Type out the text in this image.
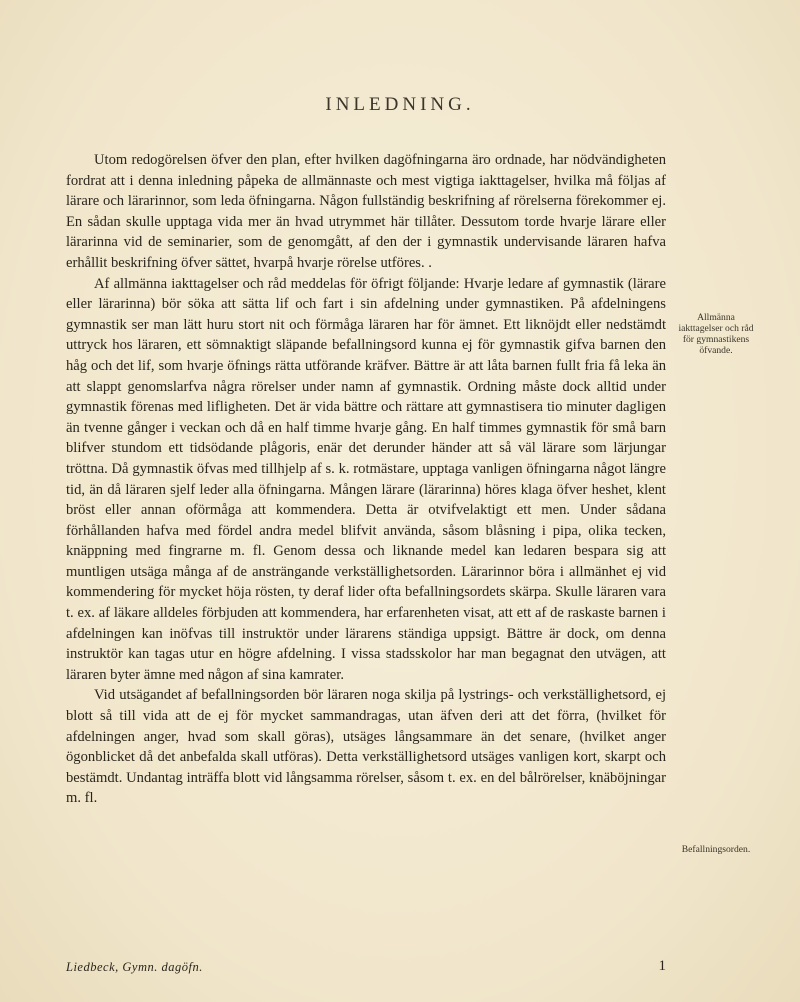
INLEDNING.

Utom redogörelsen öfver den plan, efter hvilken dagöfningarna äro ordnade, har nödvändigheten fordrat att i denna inledning påpeka de allmännaste och mest vigtiga iakttagelser, hvilka må följas af lärare och lärarinnor, som leda öfningarna. Någon fullständig beskrifning af rörelserna förekommer ej. En sådan skulle upptaga vida mer än hvad utrymmet här tillåter. Dessutom torde hvarje lärare eller lärarinna vid de seminarier, som de genomgått, af den der i gymnastik undervisande läraren hafva erhållit beskrifning öfver sättet, hvarpå hvarje rörelse utföres. .

Af allmänna iakttagelser och råd meddelas för öfrigt följande: Hvarje ledare af gymnastik (lärare eller lärarinna) bör söka att sätta lif och fart i sin afdelning under gymnastiken. På afdelningens gymnastik ser man lätt huru stort nit och förmåga läraren har för ämnet. Ett liknöjdt eller nedstämdt uttryck hos läraren, ett sömnaktigt släpande befallningsord kunna ej för gymnastik gifva barnen den håg och det lif, som hvarje öfnings rätta utförande kräfver. Bättre är att låta barnen fullt fria få leka än att slappt genomslarfva några rörelser under namn af gymnastik. Ordning måste dock alltid under gymnastik förenas med lifligheten. Det är vida bättre och rättare att gymnastisera tio minuter dagligen än tvenne gånger i veckan och då en half timme hvarje gång. En half timmes gymnastik för små barn blifver stundom ett tidsödande plågoris, enär det derunder händer att så väl lärare som lärjungar tröttna. Då gymnastik öfvas med tillhjelp af s. k. rotmästare, upptaga vanligen öfningarna något längre tid, än då läraren sjelf leder alla öfningarna. Mången lärare (lärarinna) höres klaga öfver heshet, klent bröst eller annan oförmåga att kommendera. Detta är otvifvelaktigt ett men. Under sådana förhållanden hafva med fördel andra medel blifvit använda, såsom blåsning i pipa, olika tecken, knäppning med fingrarne m. fl. Genom dessa och liknande medel kan ledaren bespara sig att muntligen utsäga många af de ansträngande verkställighetsorden. Lärarinnor böra i allmänhet ej vid kommendering för mycket höja rösten, ty deraf lider ofta befallningsordets skärpa. Skulle läraren vara t. ex. af läkare alldeles förbjuden att kommendera, har erfarenheten visat, att ett af de raskaste barnen i afdelningen kan inöfvas till instruktör under lärarens ständiga uppsigt. Bättre är dock, om denna instruktör kan tagas utur en högre afdelning. I vissa stadsskolor har man begagnat den utvägen, att läraren byter ämne med någon af sina kamrater.

Vid utsägandet af befallningsorden bör läraren noga skilja på lystrings- och verkställighetsord, ej blott så till vida att de ej för mycket sammandragas, utan äfven deri att det förra, (hvilket för afdelningen anger, hvad som skall göras), utsäges långsammare än det senare, (hvilket anger ögonblicket då det anbefalda skall utföras). Detta verkställighetsord utsäges vanligen kort, skarpt och bestämdt. Undantag inträffa blott vid långsamma rörelser, såsom t. ex. en del bålrörelser, knäböjningar m. fl.

Allmänna iakttagelser och råd för gymnastikens öfvande.
Befallningsorden.
Liedbeck, Gymn. dagöfn.	1
